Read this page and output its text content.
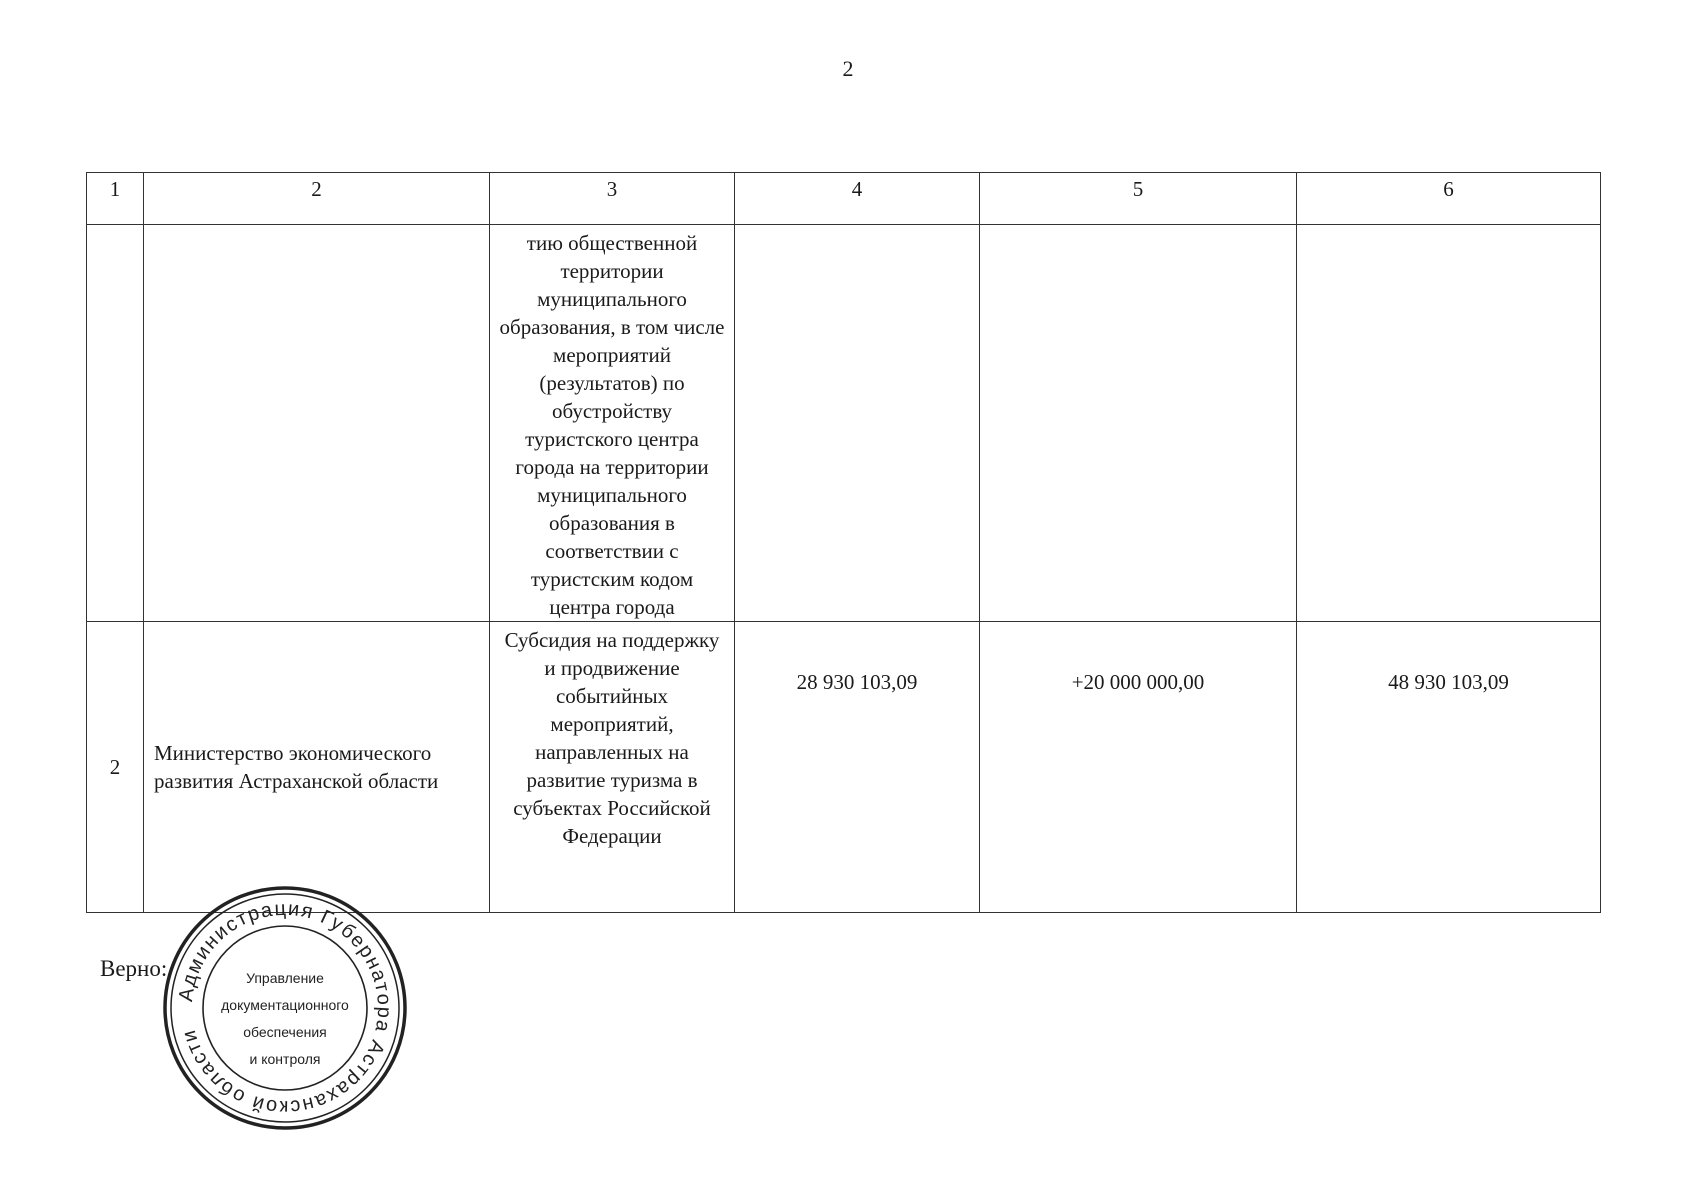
2
1	2	3	4	5	6
		тию общественной территории муниципального образования, в том числе мероприятий (результатов) по обустройству туристского центра города на территории муниципального образования в соответствии с туристским кодом центра города			
2	Министерство экономического развития Астраханской области	Субсидия на поддержку и продвижение событийных мероприятий, направленных на развитие туризма в субъектах Российской Федерации	28 930 103,09	+20 000 000,00	48 930 103,09
Верно:
Администрация Губернатора Астраханской области
Управление
документационного
обеспечения
и контроля
